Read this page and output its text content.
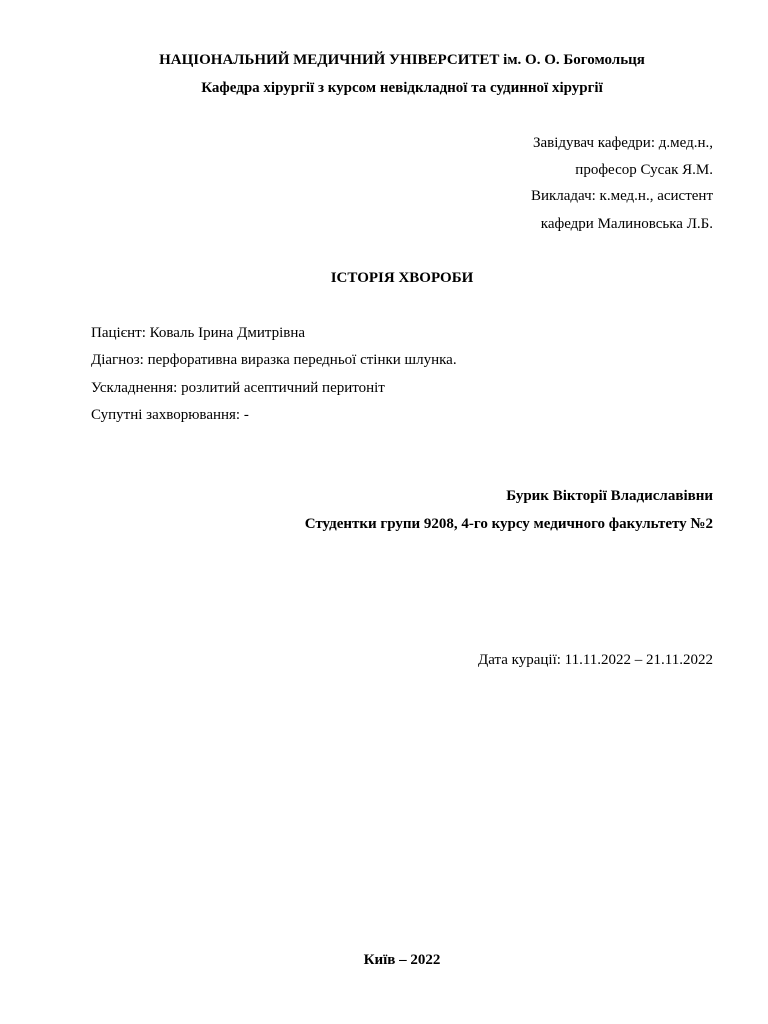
НАЦІОНАЛЬНИЙ МЕДИЧНИЙ УНІВЕРСИТЕТ ім. О. О. Богомольця
Кафедра хірургії з курсом невідкладної та судинної хірургії
Завідувач кафедри: д.мед.н.,
професор Сусак Я.М.
Викладач: к.мед.н., асистент
кафедри Малиновська Л.Б.
ІСТОРІЯ ХВОРОБИ
Пацієнт: Коваль Ірина Дмитрівна
Діагноз: перфоративна виразка передньої стінки шлунка.
Ускладнення: розлитий асептичний перитоніт
Супутні захворювання: -
Бурик Вікторії Владиславівни
Студентки групи 9208, 4-го курсу медичного факультету №2
Дата курації: 11.11.2022 – 21.11.2022
Київ – 2022
